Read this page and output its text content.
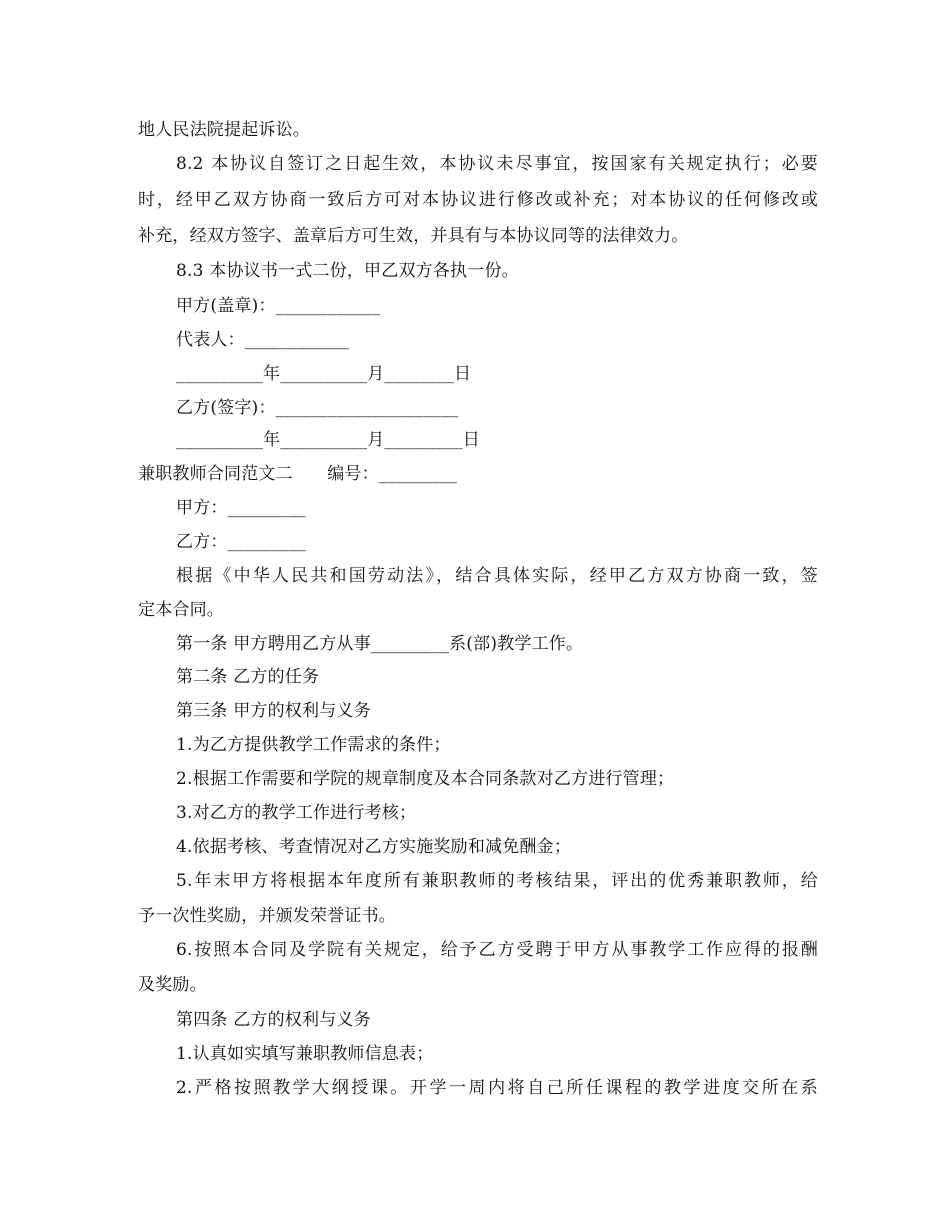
地人民法院提起诉讼。
8.2 本协议自签订之日起生效，本协议未尽事宜，按国家有关规定执行；必要
时，经甲乙双方协商一致后方可对本协议进行修改或补充；对本协议的任何修改或
补充，经双方签字、盖章后方可生效，并具有与本协议同等的法律效力。
8.3 本协议书一式二份，甲乙双方各执一份。
甲方(盖章)：____________
代表人：____________
__________年__________月________日
乙方(签字)：_____________________
__________年__________月_________日
兼职教师合同范文二　　编号：_________
甲方：_________
乙方：_________
根据《中华人民共和国劳动法》，结合具体实际，经甲乙方双方协商一致，签
定本合同。
第一条 甲方聘用乙方从事_________系(部)教学工作。
第二条 乙方的任务
第三条 甲方的权利与义务
1.为乙方提供教学工作需求的条件；
2.根据工作需要和学院的规章制度及本合同条款对乙方进行管理；
3.对乙方的教学工作进行考核；
4.依据考核、考查情况对乙方实施奖励和减免酬金；
5.年末甲方将根据本年度所有兼职教师的考核结果，评出的优秀兼职教师，给
予一次性奖励，并颁发荣誉证书。
6.按照本合同及学院有关规定，给予乙方受聘于甲方从事教学工作应得的报酬
及奖励。
第四条 乙方的权利与义务
1.认真如实填写兼职教师信息表；
2.严格按照教学大纲授课。开学一周内将自己所任课程的教学进度交所在系
